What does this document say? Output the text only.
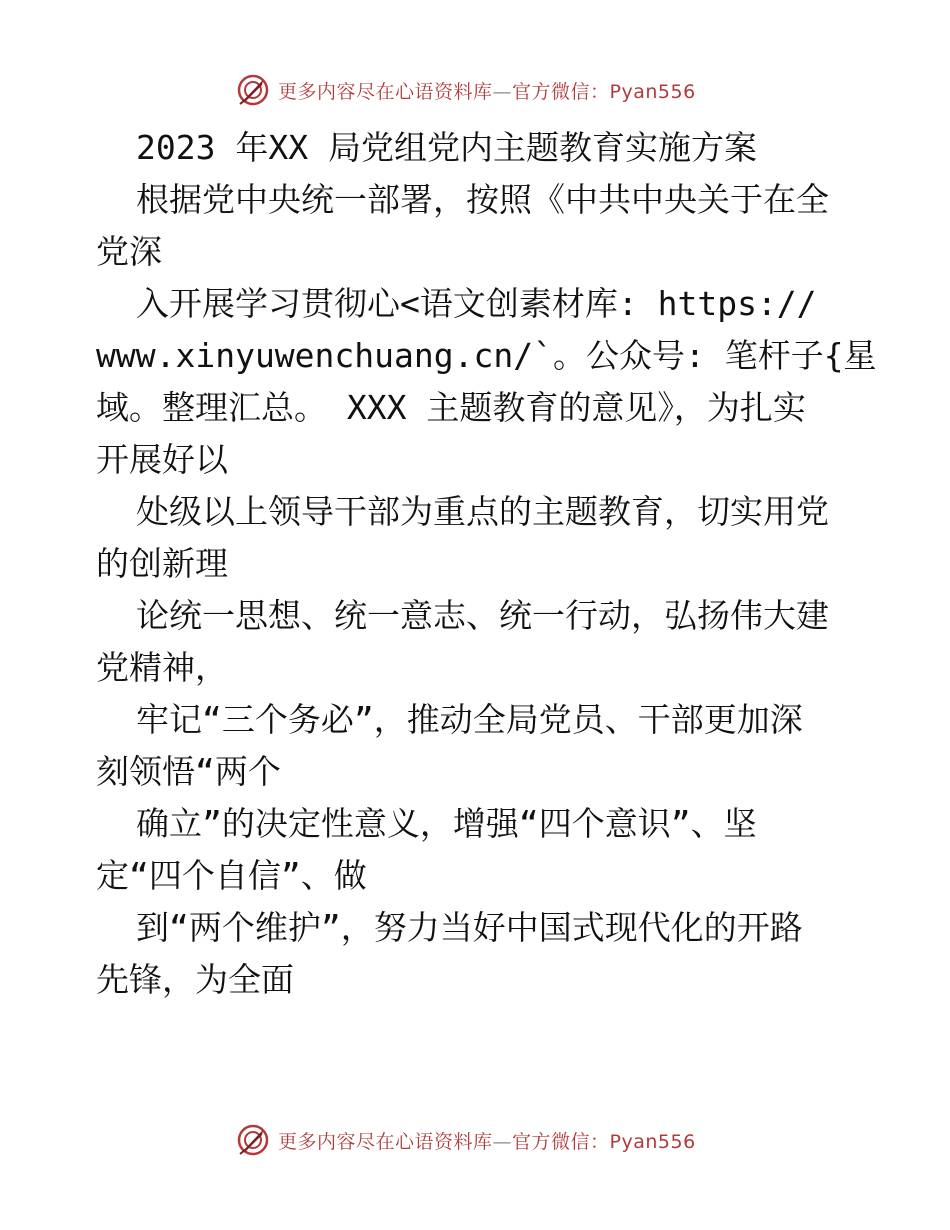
更多内容尽在心语资料库—官方微信：Pyan556
2023 年XX 局党组党内主题教育实施方案
根据党中央统一部署，按照《中共中央关于在全
党深
入开展学习贯彻心<语文创素材库: https://
www.xinyuwenchuang.cn/`。公众号: 笔杆子{星
域。整理汇总。 XXX 主题教育的意见》，为扎实
开展好以
处级以上领导干部为重点的主题教育，切实用党
的创新理
论统一思想、统一意志、统一行动，弘扬伟大建
党精神，
牢记“三个务必”，推动全局党员、干部更加深
刻领悟“两个
确立”的决定性意义，增强“四个意识”、坚
定“四个自信”、做
到“两个维护”，努力当好中国式现代化的开路
先锋，为全面
更多内容尽在心语资料库—官方微信：Pyan556
